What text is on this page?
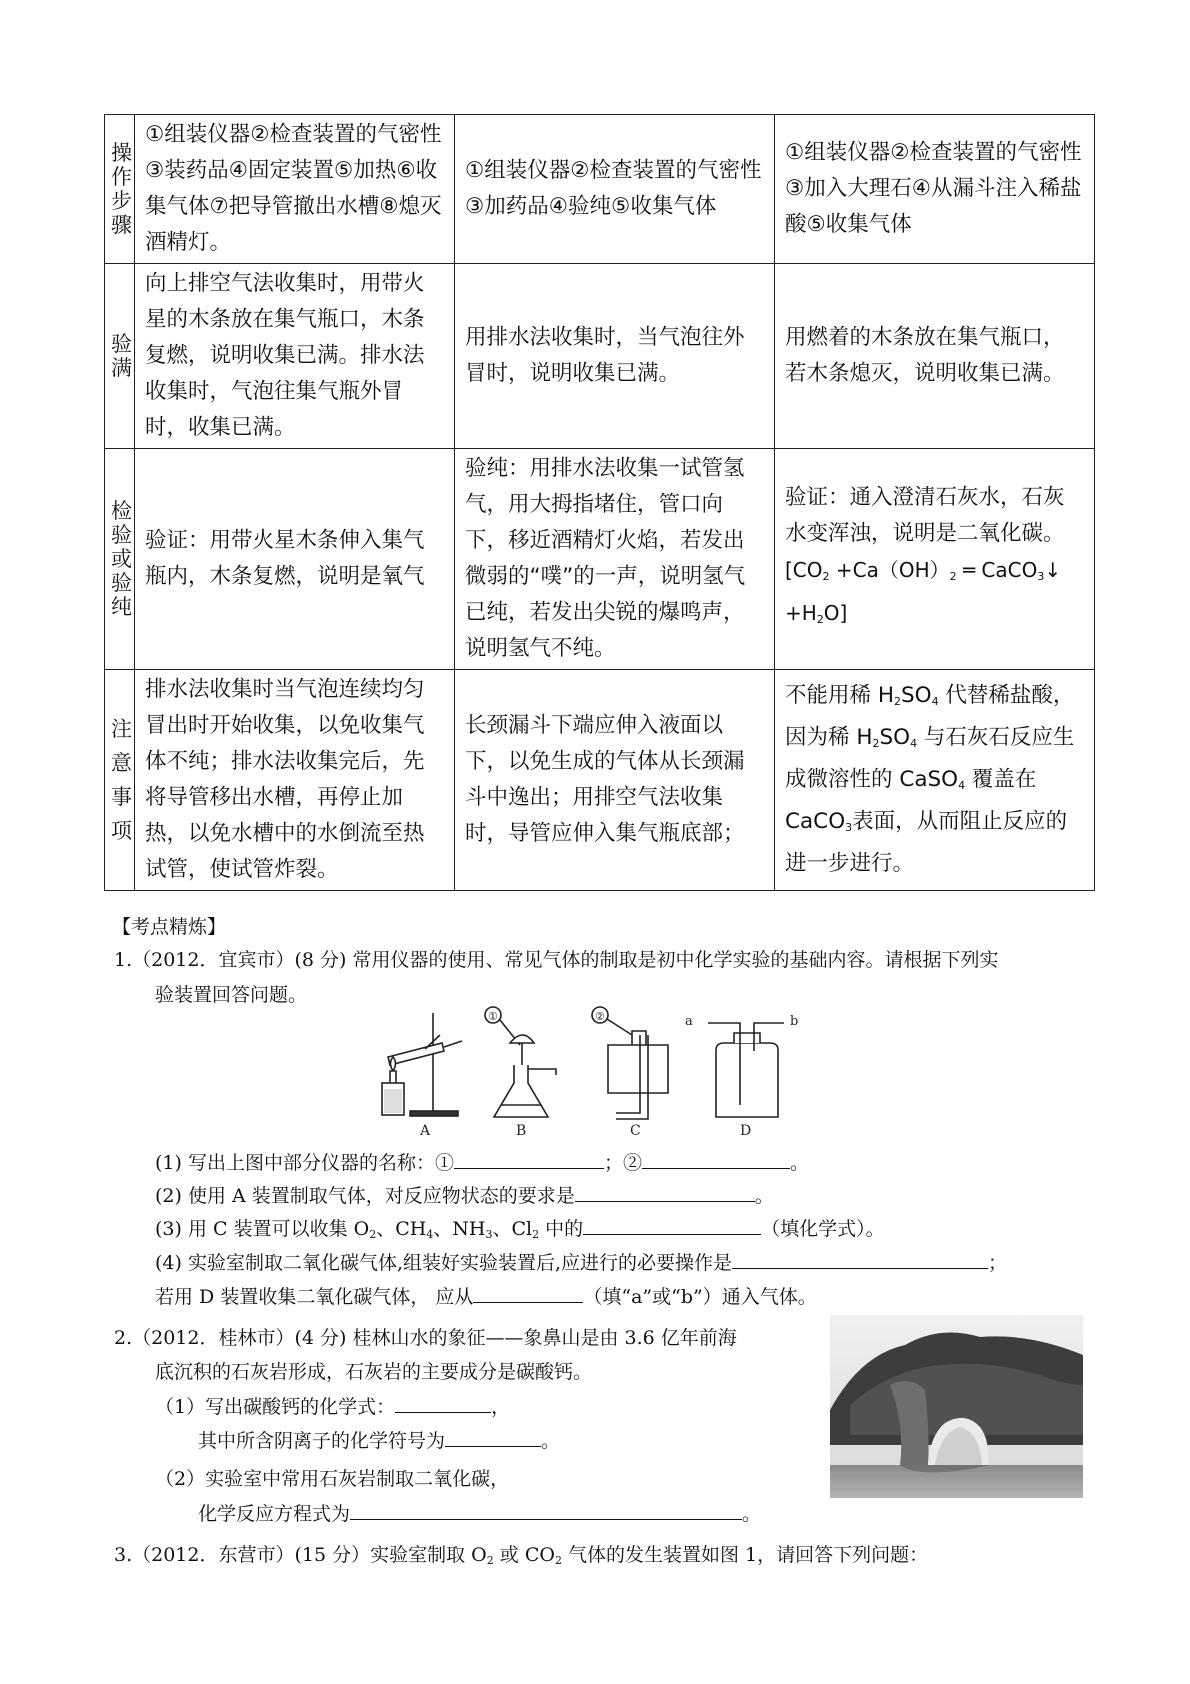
操
作
步
骤	①组装仪器②检查装置的气密性③装药品④固定装置⑤加热⑥收集气体⑦把导管撤出水槽⑧熄灭酒精灯。	①组装仪器②检查装置的气密性③加药品④验纯⑤收集气体	①组装仪器②检查装置的气密性③加入大理石④从漏斗注入稀盐酸⑤收集气体

验
满	向上排空气法收集时，用带火星的木条放在集气瓶口，木条复燃，说明收集已满。排水法收集时，气泡往集气瓶外冒时，收集已满。	用排水法收集时，当气泡往外冒时，说明收集已满。	用燃着的木条放在集气瓶口，若木条熄灭，说明收集已满。

检
验
或
验
纯	验证：用带火星木条伸入集气瓶内，木条复燃，说明是氧气	验纯：用排水法收集一试管氢气，用大拇指堵住，管口向下，移近酒精灯火焰，若发出微弱的“噗”的一声，说明氢气已纯，若发出尖锐的爆鸣声，说明氢气不纯。	验证：通入澄清石灰水，石灰水变浑浊，说明是二氧化碳。
[$CO_2 +Ca(OH)_2$ ═ CaCO$_3$↓ $+H_2O$]

注
意
事
项	排水法收集时当气泡连续均匀冒出时开始收集，以免收集气体不纯；排水法收集完后，先将导管移出水槽，再停止加热，以免水槽中的水倒流至热试管，使试管炸裂。	长颈漏斗下端应伸入液面以下，以免生成的气体从长颈漏斗中逸出；用排空气法收集时，导管应伸入集气瓶底部；	不能用稀 $H_2SO_4$ 代替稀盐酸，因为稀 $H_2SO_4$ 与石灰石反应生成微溶性的 CaSO$_4$ 覆盖在 CaCO$_3$表面，从而阻止反应的进一步进行。
【考点精炼】
1.（2012．宜宾市）(8 分) 常用仪器的使用、常见气体的制取是初中化学实验的基础内容。请根据下列实
验装置回答问题。
a	b
①	②
A	B	C	D
(1) 写出上图中部分仪器的名称：①	；②	。
(2) 使用 A 装置制取气体，对反应物状态的要求是	。
(3) 用 C 装置可以收集 $O_2$、$CH_4$、$NH_3$、$Cl_2$ 中的	（填化学式）。
(4) 实验室制取二氧化碳气体,组装好实验装置后,应进行的必要操作是	；
若用 D 装置收集二氧化碳气体， 应从	（填“a”或“b”）通入气体。
2.（2012．桂林市）(4 分) 桂林山水的象征——象鼻山是由 3.6 亿年前海
底沉积的石灰岩形成，石灰岩的主要成分是碳酸钙。
（1）写出碳酸钙的化学式：	，
其中所含阴离子的化学符号为	。
（2）实验室中常用石灰岩制取二氧化碳，
化学反应方程式为	。
3.（2012．东营市）(15 分）实验室制取 $O_2$ 或 $CO_2$ 气体的发生装置如图 1，请回答下列问题：
